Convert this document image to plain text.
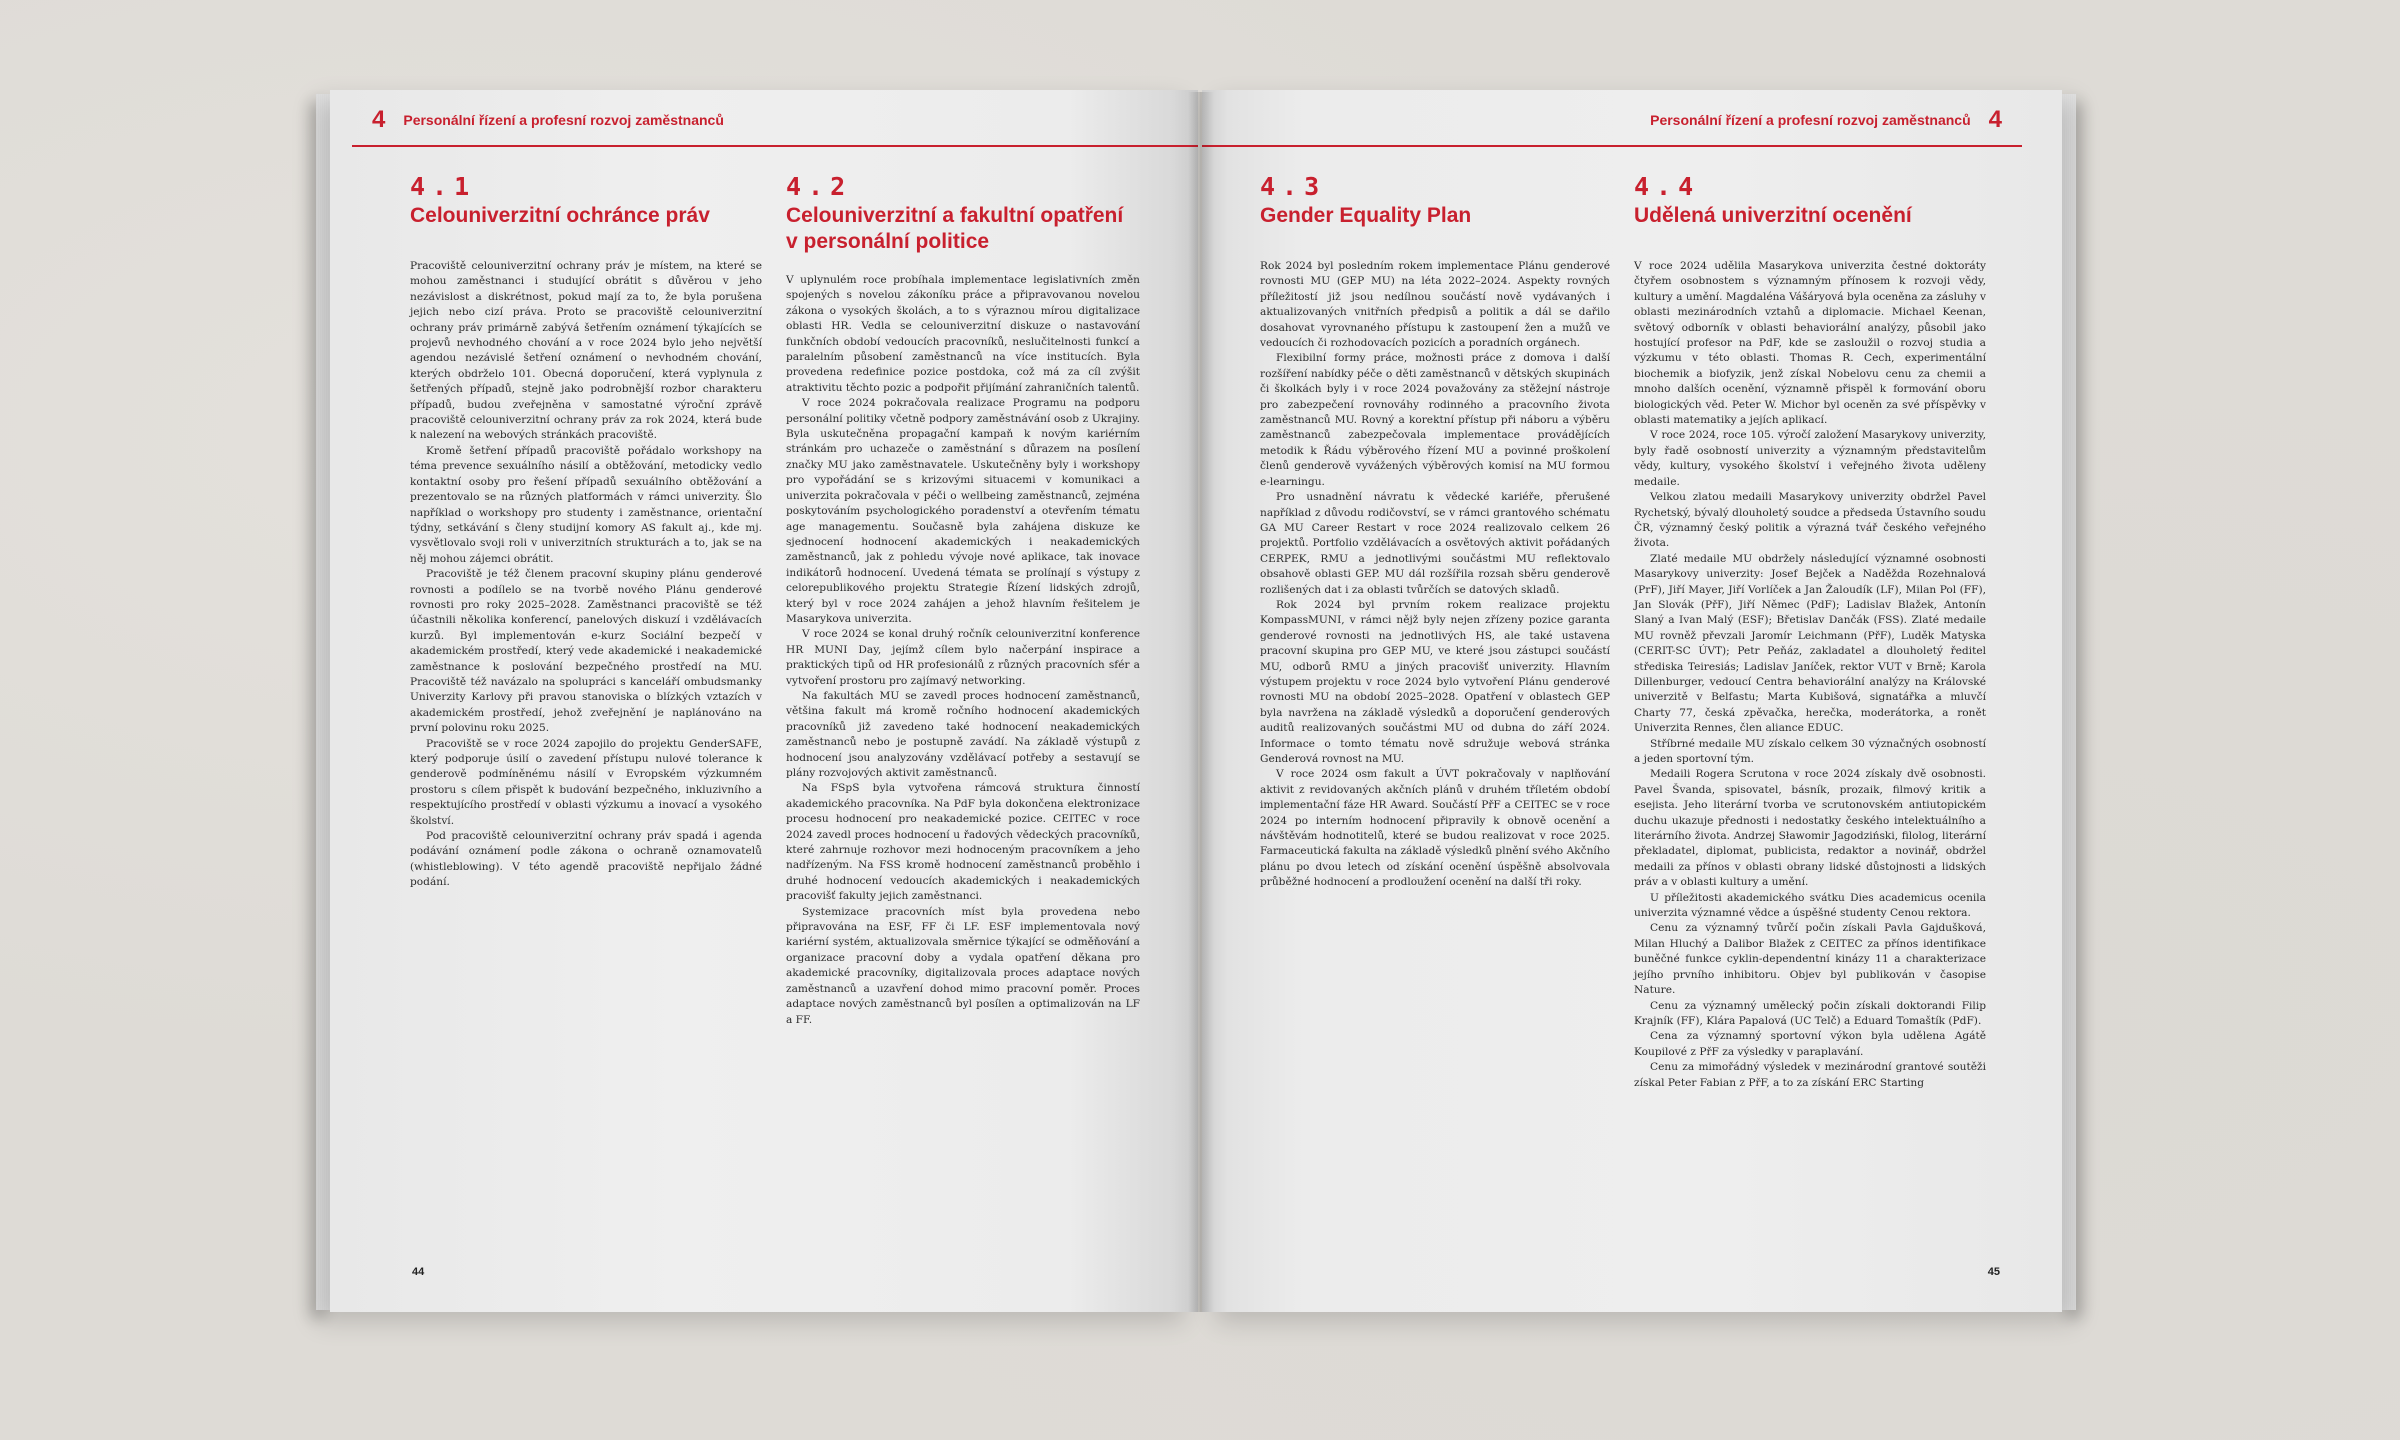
4 Personální řízení a profesní rozvoj zaměstnanců
4.1
Celouniverzitní ochránce práv

Pracoviště celouniverzitní ochrany práv je místem, na které se mohou zaměstnanci i studující obrátit s důvěrou v jeho nezávislost a diskrétnost, pokud mají za to, že byla porušena jejich nebo cizí práva. Proto se pracoviště celouniverzitní ochrany práv primárně zabývá šetřením oznámení týkajících se projevů nevhodného chování a v roce 2024 bylo jeho největší agendou nezávislé šetření oznámení o nevhodném chování, kterých obdrželo 101. Obecná doporučení, která vyplynula z šetřených případů, stejně jako podrobnější rozbor charakteru případů, budou zveřejněna v samostatné výroční zprávě pracoviště celouniverzitní ochrany práv za rok 2024, která bude k nalezení na webových stránkách pracoviště.

Kromě šetření případů pracoviště pořádalo workshopy na téma prevence sexuálního násilí a obtěžování, metodicky vedlo kontaktní osoby pro řešení případů sexuálního obtěžování a prezentovalo se na různých platformách v rámci univerzity. Šlo například o workshopy pro studenty i zaměstnance, orientační týdny, setkávání s členy studijní komory AS fakult aj., kde mj. vysvětlovalo svoji roli v univerzitních strukturách a to, jak se na něj mohou zájemci obrátit.

Pracoviště je též členem pracovní skupiny plánu genderové rovnosti a podílelo se na tvorbě nového Plánu genderové rovnosti pro roky 2025–2028. Zaměstnanci pracoviště se též účastnili několika konferencí, panelových diskuzí i vzdělávacích kurzů. Byl implementován e-kurz Sociální bezpečí v akademickém prostředí, který vede akademické i neakademické zaměstnance k poslování bezpečného prostředí na MU. Pracoviště též navázalo na spolupráci s kanceláří ombudsmanky Univerzity Karlovy při pravou stanoviska o blízkých vztazích v akademickém prostředí, jehož zveřejnění je naplánováno na první polovinu roku 2025.

Pracoviště se v roce 2024 zapojilo do projektu GenderSAFE, který podporuje úsilí o zavedení přístupu nulové tolerance k genderově podmíněnému násilí v Evropském výzkumném prostoru s cílem přispět k budování bezpečného, inkluzivního a respektujícího prostředí v oblasti výzkumu a inovací a vysokého školství.

Pod pracoviště celouniverzitní ochrany práv spadá i agenda podávání oznámení podle zákona o ochraně oznamovatelů (whistleblowing). V této agendě pracoviště nepřijalo žádné podání.

4.2
Celouniverzitní a fakultní opatření v personální politice

V uplynulém roce probíhala implementace legislativních změn spojených s novelou zákoníku práce a připravovanou novelou zákona o vysokých školách, a to s výraznou mírou digitalizace oblasti HR. Vedla se celouniverzitní diskuze o nastavování funkčních období vedoucích pracovníků, neslučitelnosti funkcí a paralelním působení zaměstnanců na více institucích. Byla provedena redefinice pozice postdoka, což má za cíl zvýšit atraktivitu těchto pozic a podpořit přijímání zahraničních talentů.

V roce 2024 pokračovala realizace Programu na podporu personální politiky včetně podpory zaměstnávání osob z Ukrajiny. Byla uskutečněna propagační kampaň k novým kariérním stránkám pro uchazeče o zaměstnání s důrazem na posílení značky MU jako zaměstnavatele. Uskutečněny byly i workshopy pro vypořádání se s krizovými situacemi v komunikaci a univerzita pokračovala v péči o wellbeing zaměstnanců, zejména poskytováním psychologického poradenství a otevřením tématu age managementu. Současně byla zahájena diskuze ke sjednocení hodnocení akademických i neakademických zaměstnanců, jak z pohledu vývoje nové aplikace, tak inovace indikátorů hodnocení. Uvedená témata se prolínají s výstupy z celorepublikového projektu Strategie Řízení lidských zdrojů, který byl v roce 2024 zahájen a jehož hlavním řešitelem je Masarykova univerzita.

V roce 2024 se konal druhý ročník celouniverzitní konference HR MUNI Day, jejímž cílem bylo načerpání inspirace a praktických tipů od HR profesionálů z různých pracovních sfér a vytvoření prostoru pro zajímavý networking.

Na fakultách MU se zavedl proces hodnocení zaměstnanců, většina fakult má kromě ročního hodnocení akademických pracovníků již zavedeno také hodnocení neakademických zaměstnanců nebo je postupně zavádí. Na základě výstupů z hodnocení jsou analyzovány vzdělávací potřeby a sestavují se plány rozvojových aktivit zaměstnanců.

Na FSpS byla vytvořena rámcová struktura činností akademického pracovníka. Na PdF byla dokončena elektronizace procesu hodnocení pro neakademické pozice. CEITEC v roce 2024 zavedl proces hodnocení u řadových vědeckých pracovníků, které zahrnuje rozhovor mezi hodnoceným pracovníkem a jeho nadřízeným. Na FSS kromě hodnocení zaměstnanců proběhlo i druhé hodnocení vedoucích akademických i neakademických pracovišť fakulty jejich zaměstnanci.

Systemizace pracovních míst byla provedena nebo připravována na ESF, FF či LF. ESF implementovala nový kariérní systém, aktualizovala směrnice týkající se odměňování a organizace pracovní doby a vydala opatření děkana pro akademické pracovníky, digitalizovala proces adaptace nových zaměstnanců a uzavření dohod mimo pracovní poměr. Proces adaptace nových zaměstnanců byl posílen a optimalizován na LF a FF.

44
Personální řízení a profesní rozvoj zaměstnanců 4
4.3
Gender Equality Plan

Rok 2024 byl posledním rokem implementace Plánu genderové rovnosti MU (GEP MU) na léta 2022–2024. Aspekty rovných příležitostí již jsou nedílnou součástí nově vydávaných i aktualizovaných vnitřních předpisů a politik a dál se dařilo dosahovat vyrovnaného přístupu k zastoupení žen a mužů ve vedoucích či rozhodovacích pozicích a poradních orgánech.

Flexibilní formy práce, možnosti práce z domova i další rozšíření nabídky péče o děti zaměstnanců v dětských skupinách či školkách byly i v roce 2024 považovány za stěžejní nástroje pro zabezpečení rovnováhy rodinného a pracovního života zaměstnanců MU. Rovný a korektní přístup při náboru a výběru zaměstnanců zabezpečovala implementace provádějících metodik k Řádu výběrového řízení MU a povinné proškolení členů genderově vyvážených výběrových komisí na MU formou e-learningu.

Pro usnadnění návratu k vědecké kariéře, přerušené například z důvodu rodičovství, se v rámci grantového schématu GA MU Career Restart v roce 2024 realizovalo celkem 26 projektů. Portfolio vzdělávacích a osvětových aktivit pořádaných CERPEK, RMU a jednotlivými součástmi MU reflektovalo obsahově oblasti GEP. MU dál rozšířila rozsah sběru genderově rozlišených dat i za oblasti tvůrčích se datových skladů.

Rok 2024 byl prvním rokem realizace projektu KompassMUNI, v rámci nějž byly nejen zřízeny pozice garanta genderové rovnosti na jednotlivých HS, ale také ustavena pracovní skupina pro GEP MU, ve které jsou zástupci součástí MU, odborů RMU a jiných pracovišť univerzity. Hlavním výstupem projektu v roce 2024 bylo vytvoření Plánu genderové rovnosti MU na období 2025–2028. Opatření v oblastech GEP byla navržena na základě výsledků a doporučení genderových auditů realizovaných součástmi MU od dubna do září 2024. Informace o tomto tématu nově sdružuje webová stránka Genderová rovnost na MU.

V roce 2024 osm fakult a ÚVT pokračovaly v naplňování aktivit z revidovaných akčních plánů v druhém tříletém období implementační fáze HR Award. Součástí PřF a CEITEC se v roce 2024 po interním hodnocení připravily k obnově ocenění a návštěvám hodnotitelů, které se budou realizovat v roce 2025. Farmaceutická fakulta na základě výsledků plnění svého Akčního plánu po dvou letech od získání ocenění úspěšně absolvovala průběžné hodnocení a prodloužení ocenění na další tři roky.

4.4
Udělená univerzitní ocenění

V roce 2024 udělila Masarykova univerzita čestné doktoráty čtyřem osobnostem s významným přínosem k rozvoji vědy, kultury a umění. Magdaléna Vášáryová byla oceněna za zásluhy v oblasti mezinárodních vztahů a diplomacie. Michael Keenan, světový odborník v oblasti behaviorální analýzy, působil jako hostující profesor na PdF, kde se zasloužil o rozvoj studia a výzkumu v této oblasti. Thomas R. Cech, experimentální biochemik a biofyzik, jenž získal Nobelovu cenu za chemii a mnoho dalších ocenění, významně přispěl k formování oboru biologických věd. Peter W. Michor byl oceněn za své příspěvky v oblasti matematiky a jejích aplikací.

V roce 2024, roce 105. výročí založení Masarykovy univerzity, byly řadě osobností univerzity a významným představitelům vědy, kultury, vysokého školství i veřejného života uděleny medaile.

Velkou zlatou medaili Masarykovy univerzity obdržel Pavel Rychetský, bývalý dlouholetý soudce a předseda Ústavního soudu ČR, významný český politik a výrazná tvář českého veřejného života.

Zlaté medaile MU obdržely následující významné osobnosti Masarykovy univerzity: Josef Bejček a Naděžda Rozehnalová (PrF), Jiří Mayer, Jiří Vorlíček a Jan Žaloudík (LF), Milan Pol (FF), Jan Slovák (PřF), Jiří Němec (PdF); Ladislav Blažek, Antonín Slaný a Ivan Malý (ESF); Břetislav Dančák (FSS). Zlaté medaile MU rovněž převzali Jaromír Leichmann (PřF), Luděk Matyska (CERIT-SC ÚVT); Petr Peňáz, zakladatel a dlouholetý ředitel střediska Teiresiás; Ladislav Janíček, rektor VUT v Brně; Karola Dillenburger, vedoucí Centra behaviorální analýzy na Královské univerzitě v Belfastu; Marta Kubišová, signatářka a mluvčí Charty 77, česká zpěvačka, herečka, moderátorka, a ronět Univerzita Rennes, člen aliance EDUC.

Stříbrné medaile MU získalo celkem 30 význačných osobností a jeden sportovní tým.

Medaili Rogera Scrutona v roce 2024 získaly dvě osobnosti. Pavel Švanda, spisovatel, básník, prozaik, filmový kritik a esejista. Jeho literární tvorba ve scrutonovském antiutopickém duchu ukazuje přednosti i nedostatky českého intelektuálního a literárního života. Andrzej Sławomir Jagodziński, filolog, literární překladatel, diplomat, publicista, redaktor a novinář, obdržel medaili za přínos v oblasti obrany lidské důstojnosti a lidských práv a v oblasti kultury a umění.

U příležitosti akademického svátku Dies academicus ocenila univerzita významné vědce a úspěšné studenty Cenou rektora.

Cenu za významný tvůrčí počin získali Pavla Gajdušková, Milan Hluchý a Dalibor Blažek z CEITEC za přínos identifikace buněčné funkce cyklin-dependentní kinázy 11 a charakterizace jejího prvního inhibitoru. Objev byl publikován v časopise Nature.

Cenu za významný umělecký počin získali doktorandi Filip Krajník (FF), Klára Papalová (UC Telč) a Eduard Tomaštík (PdF).

Cena za významný sportovní výkon byla udělena Agátě Koupilové z PřF za výsledky v paraplavání.

Cenu za mimořádný výsledek v mezinárodní grantové soutěži získal Peter Fabian z PřF, a to za získání ERC Starting

45
